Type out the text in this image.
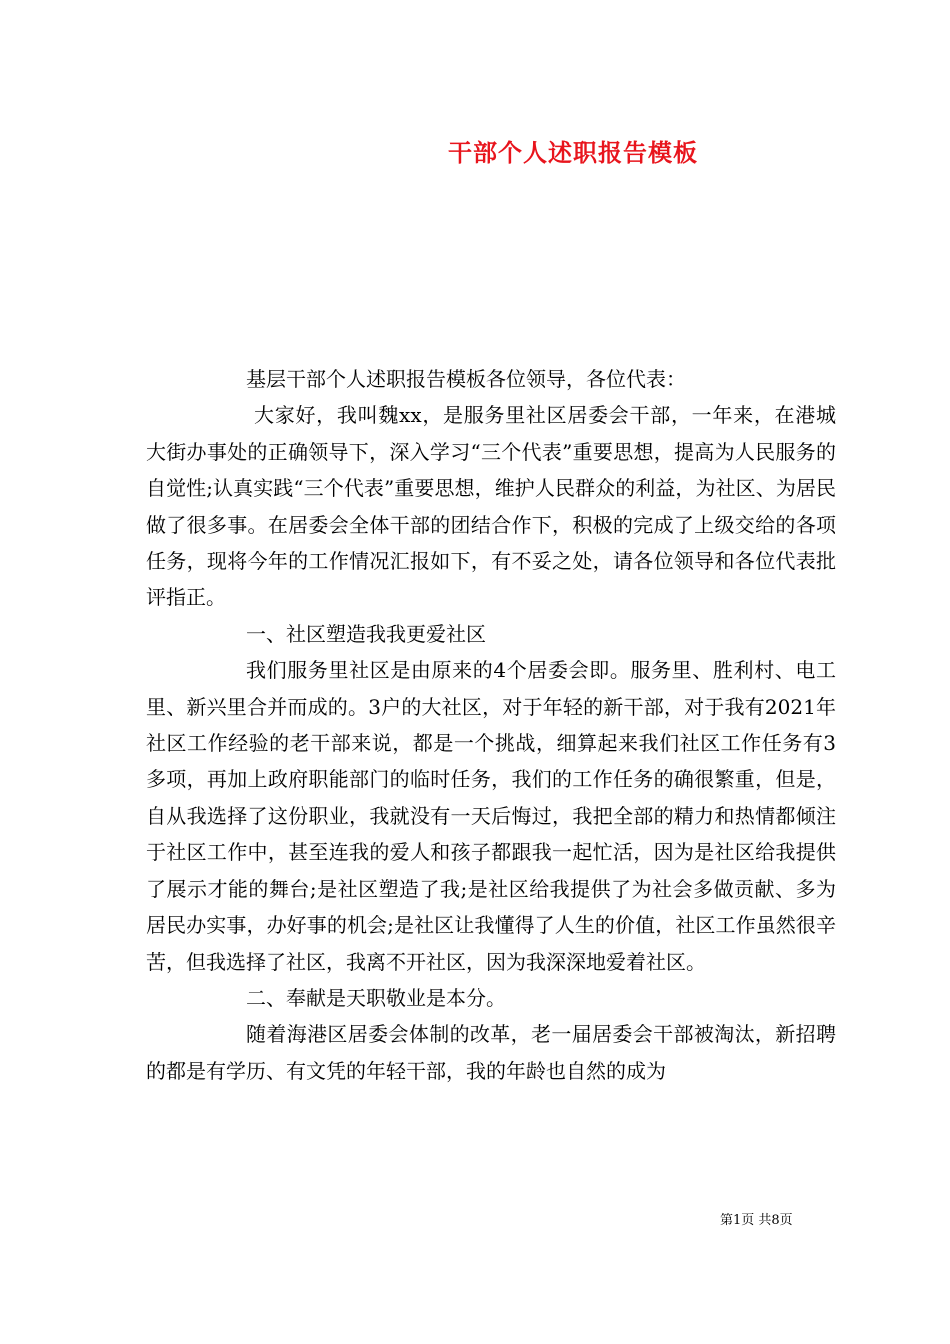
干部个人述职报告模板

基层干部个人述职报告模板各位领导，各位代表：

大家好，我叫魏xx，是服务里社区居委会干部，一年来，在港城大街办事处的正确领导下，深入学习“三个代表”重要思想，提高为人民服务的自觉性;认真实践“三个代表”重要思想，维护人民群众的利益，为社区、为居民做了很多事。在居委会全体干部的团结合作下，积极的完成了上级交给的各项任务，现将今年的工作情况汇报如下，有不妥之处，请各位领导和各位代表批评指正。

一、社区塑造我我更爱社区

我们服务里社区是由原来的4个居委会即。服务里、胜利村、电工里、新兴里合并而成的。3户的大社区，对于年轻的新干部，对于我有2021年社区工作经验的老干部来说，都是一个挑战，细算起来我们社区工作任务有3多项，再加上政府职能部门的临时任务，我们的工作任务的确很繁重，但是，自从我选择了这份职业，我就没有一天后悔过，我把全部的精力和热情都倾注于社区工作中，甚至连我的爱人和孩子都跟我一起忙活，因为是社区给我提供了展示才能的舞台;是社区塑造了我;是社区给我提供了为社会多做贡献、多为居民办实事，办好事的机会;是社区让我懂得了人生的价值，社区工作虽然很辛苦，但我选择了社区，我离不开社区，因为我深深地爱着社区。

二、奉献是天职敬业是本分。

随着海港区居委会体制的改革，老一届居委会干部被淘汰，新招聘的都是有学历、有文凭的年轻干部，我的年龄也自然的成为

第1页 共8页
